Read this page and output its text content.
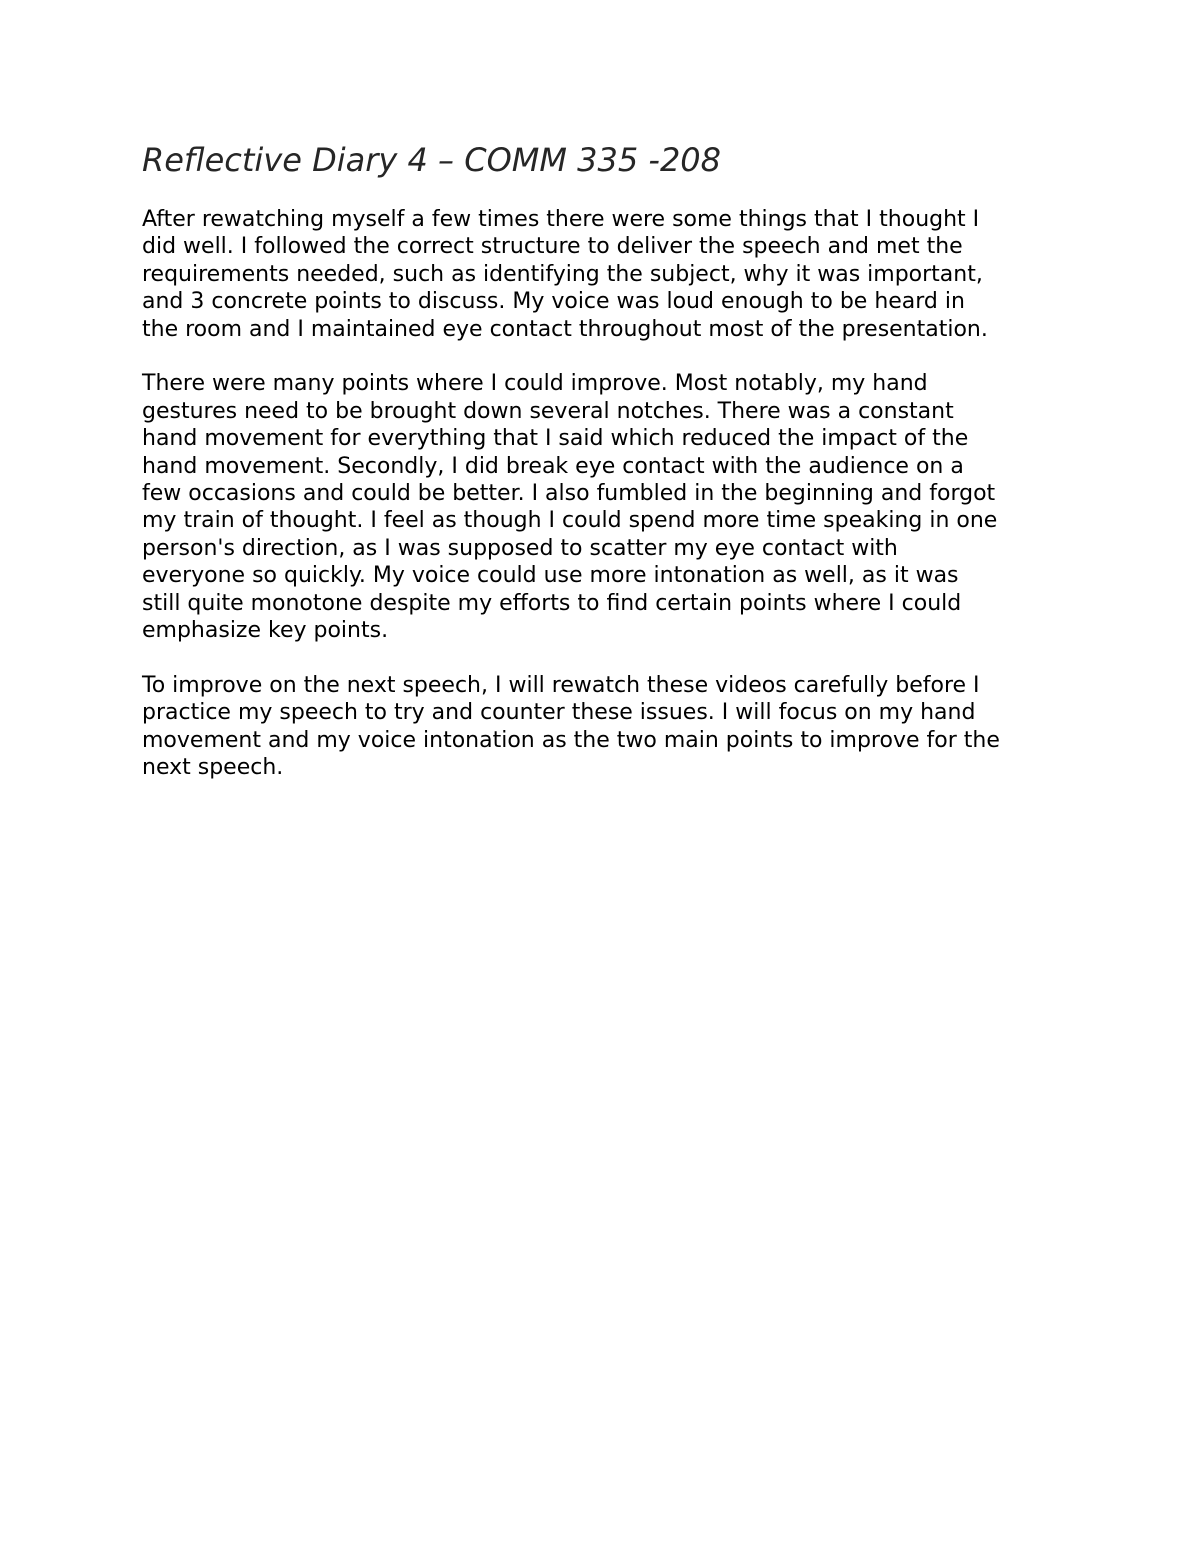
Reflective Diary 4 – COMM 335 -208

After rewatching myself a few times there were some things that I thought I
did well. I followed the correct structure to deliver the speech and met the
requirements needed, such as identifying the subject, why it was important,
and 3 concrete points to discuss. My voice was loud enough to be heard in
the room and I maintained eye contact throughout most of the presentation.

There were many points where I could improve. Most notably, my hand
gestures need to be brought down several notches. There was a constant
hand movement for everything that I said which reduced the impact of the
hand movement. Secondly, I did break eye contact with the audience on a
few occasions and could be better. I also fumbled in the beginning and forgot
my train of thought. I feel as though I could spend more time speaking in one
person's direction, as I was supposed to scatter my eye contact with
everyone so quickly. My voice could use more intonation as well, as it was
still quite monotone despite my efforts to find certain points where I could
emphasize key points.

To improve on the next speech, I will rewatch these videos carefully before I
practice my speech to try and counter these issues. I will focus on my hand
movement and my voice intonation as the two main points to improve for the
next speech.
